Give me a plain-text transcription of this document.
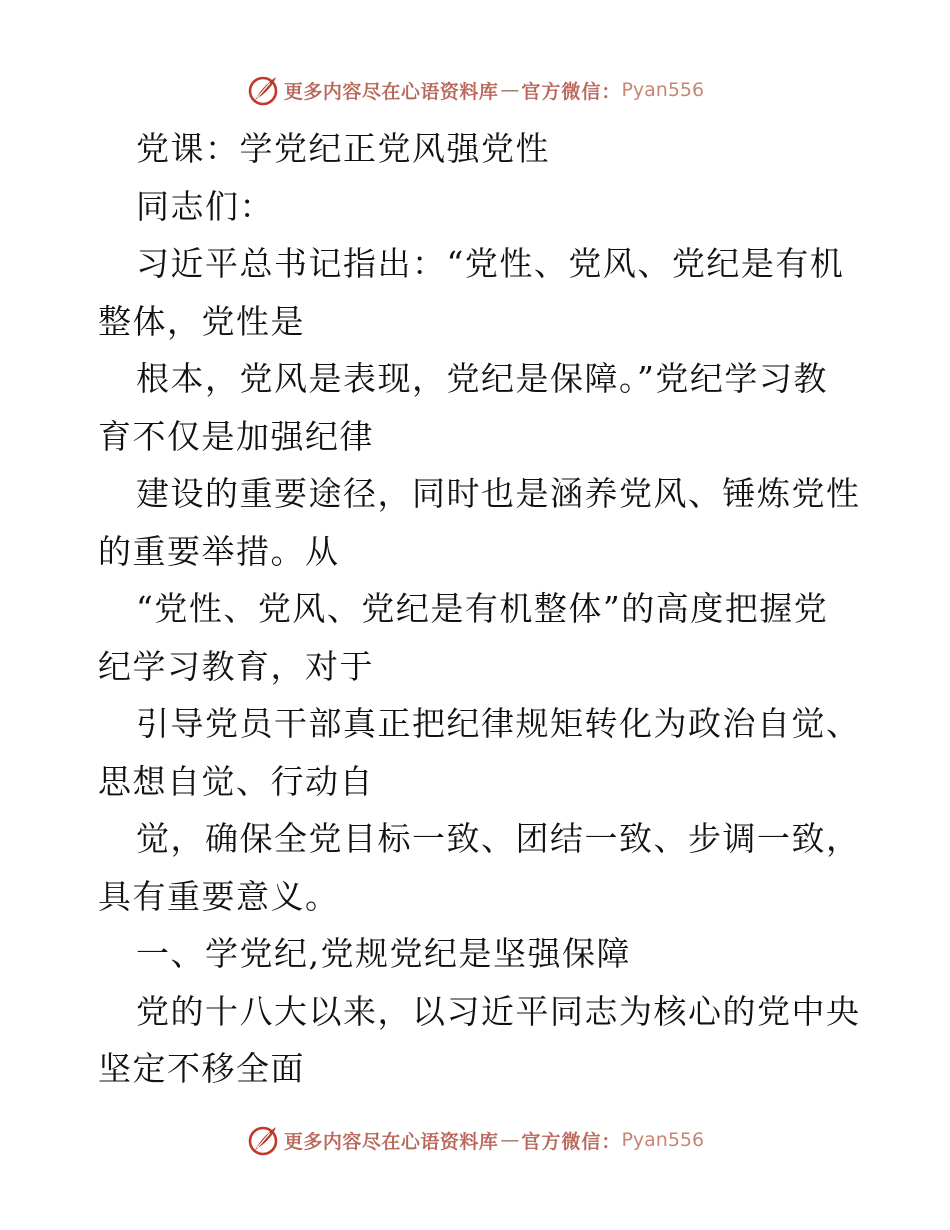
更多内容尽在心语资料库 — 官方微信： Pyan556

党课：学党纪正党风强党性

同志们：

习近平总书记指出：“党性、党风、党纪是有机

整体，党性是

根本，党风是表现，党纪是保障。”党纪学习教

育不仅是加强纪律

建设的重要途径，同时也是涵养党风、锤炼党性

的重要举措。从

“党性、党风、党纪是有机整体”的高度把握党

纪学习教育，对于

引导党员干部真正把纪律规矩转化为政治自觉、

思想自觉、行动自

觉，确保全党目标一致、团结一致、步调一致，

具有重要意义。

一、学党纪,党规党纪是坚强保障

党的十八大以来，以习近平同志为核心的党中央

坚定不移全面

更多内容尽在心语资料库 — 官方微信： Pyan556
